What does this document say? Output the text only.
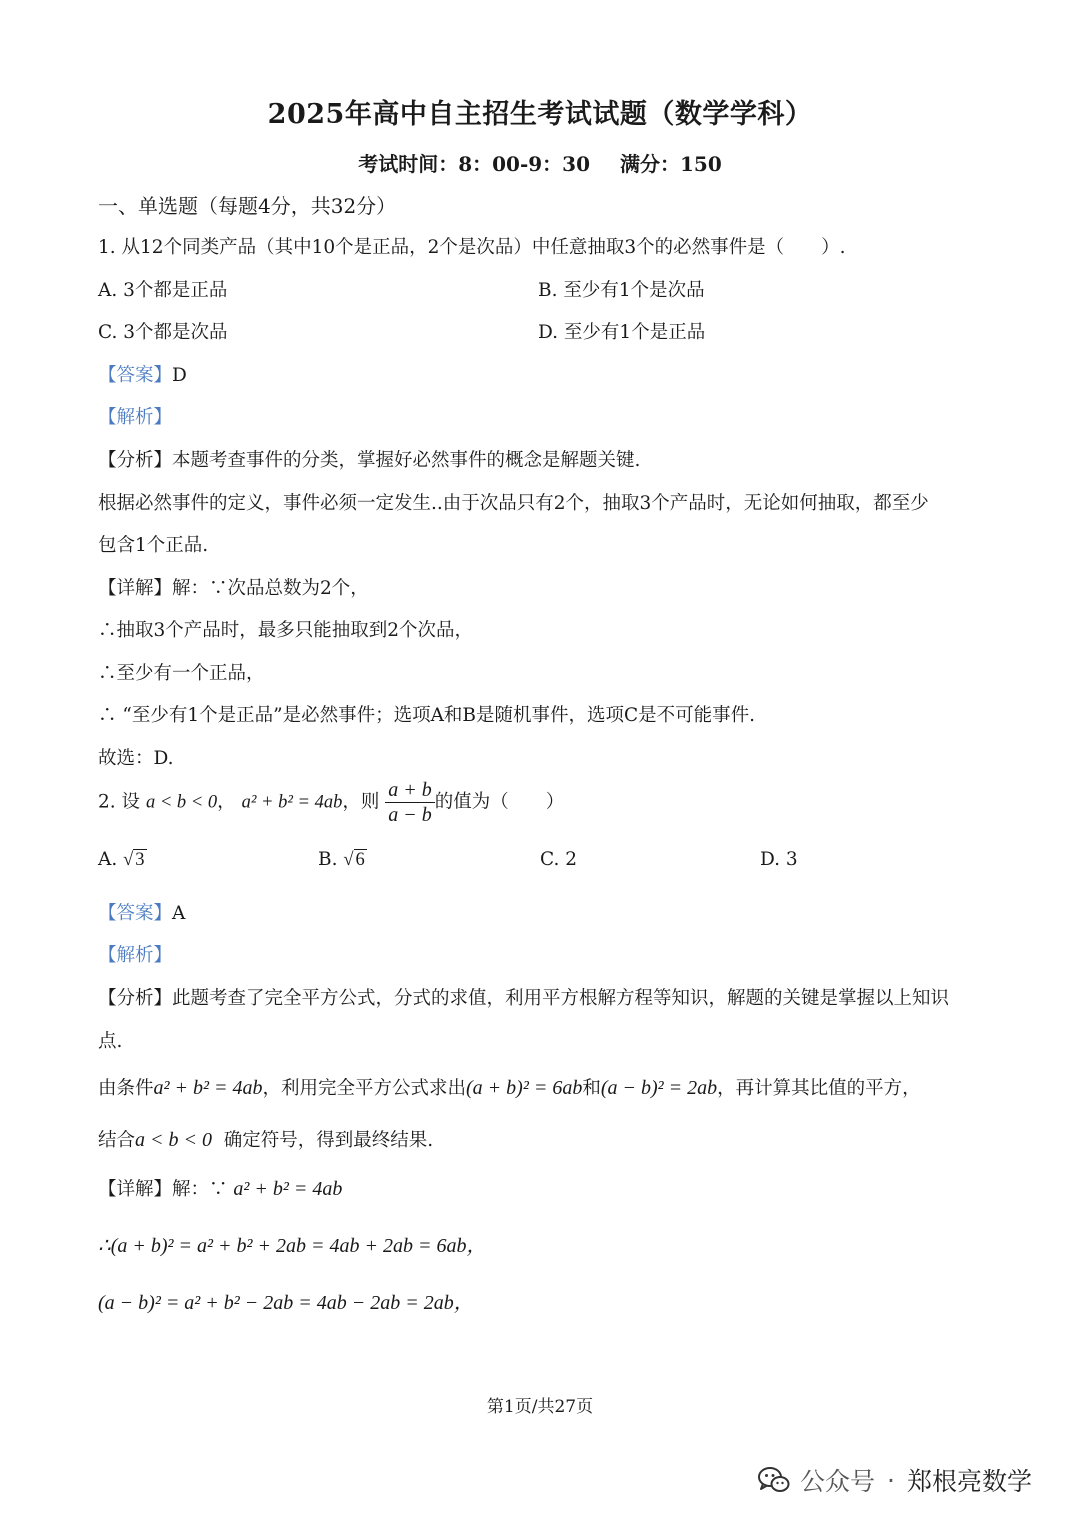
2025年高中自主招生考试试题（数学学科）
考试时间：8：00-9：30 满分：150
一、单选题（每题4分，共32分）
1. 从12个同类产品（其中10个是正品，2个是次品）中任意抽取3个的必然事件是（　　）.
A. 3个都是正品	B. 至少有1个是次品
C. 3个都是次品	D. 至少有1个是正品
【答案】D
【解析】
【分析】本题考查事件的分类，掌握好必然事件的概念是解题关键.
根据必然事件的定义，事件必须一定发生..由于次品只有2个，抽取3个产品时，无论如何抽取，都至少
包含1个正品.
【详解】解：∵次品总数为2个，
∴抽取3个产品时，最多只能抽取到2个次品，
∴至少有一个正品，
∴ “至少有1个是正品”是必然事件；选项A和B是随机事件，选项C是不可能事件.
故选：D.
2. 设 a < b < 0， a² + b² = 4ab，则 $\frac{a + b}{a - b}$ 的值为（　　）
A. √ 3	B. √ 6	C. 2	D. 3
【答案】A
【解析】
【分析】此题考查了完全平方公式，分式的求值，利用平方根解方程等知识，解题的关键是掌握以上知识
点.
由条件a² + b² = 4ab，利用完全平方公式求出(a + b)² = 6ab和(a − b)² = 2ab，再计算其比值的平方，
结合a < b < 0 确定符号，得到最终结果.
【详解】解：∵ a² + b² = 4ab
∴(a + b)² = a² + b² + 2ab = 4ab + 2ab = 6ab，
(a − b)² = a² + b² − 2ab = 4ab − 2ab = 2ab，
第1页/共27页
公众号 · 郑根亮数学
